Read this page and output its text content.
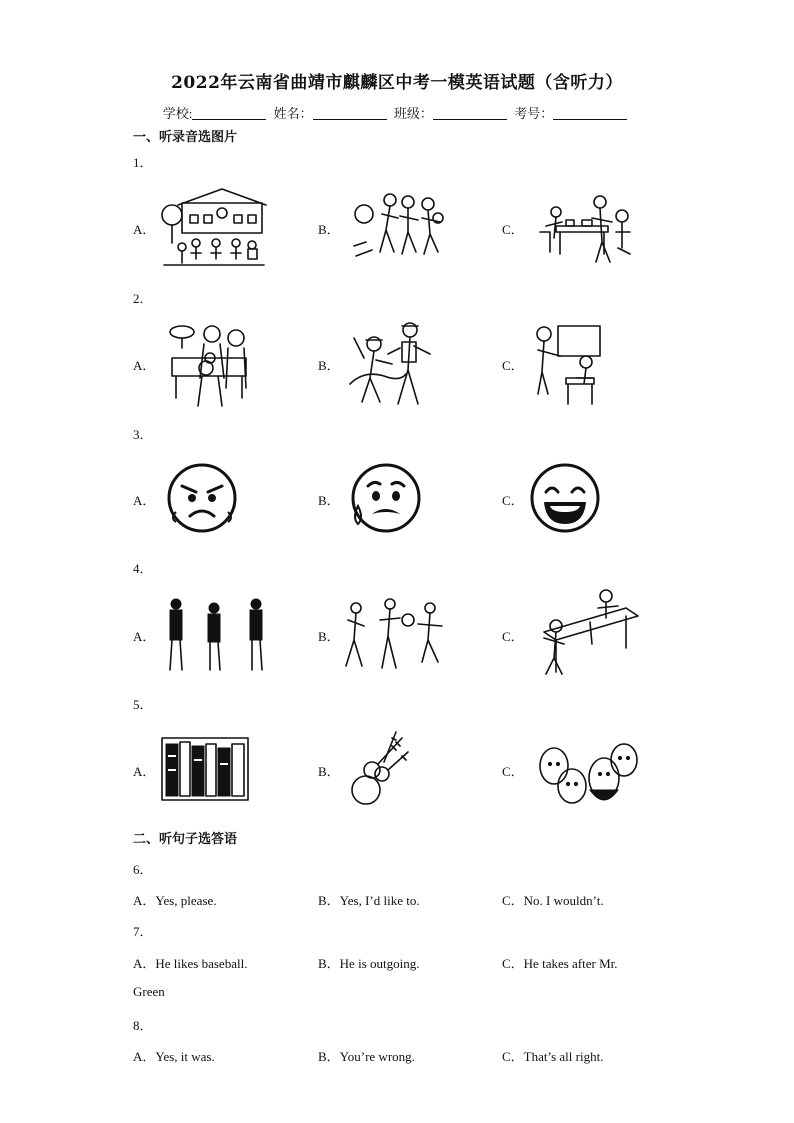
2022年云南省曲靖市麒麟区中考一模英语试题（含听力）
学校:	姓名：	班级：	考号：
一、听录音选图片
1．
A．	B．	C．
2．
A．	B．	C．
3．
A．	B．	C．
4．
A．	B．	C．
5．
A．	B．	C．
二、听句子选答语
6．
A．Yes, please.	B．Yes, I’d like to.	C．No. I wouldn’t.
7．
A．He likes baseball.	B．He is outgoing.	C．He takes after Mr.
Green
8．
A．Yes, it was.	B．You’re wrong.	C．That’s all right.
